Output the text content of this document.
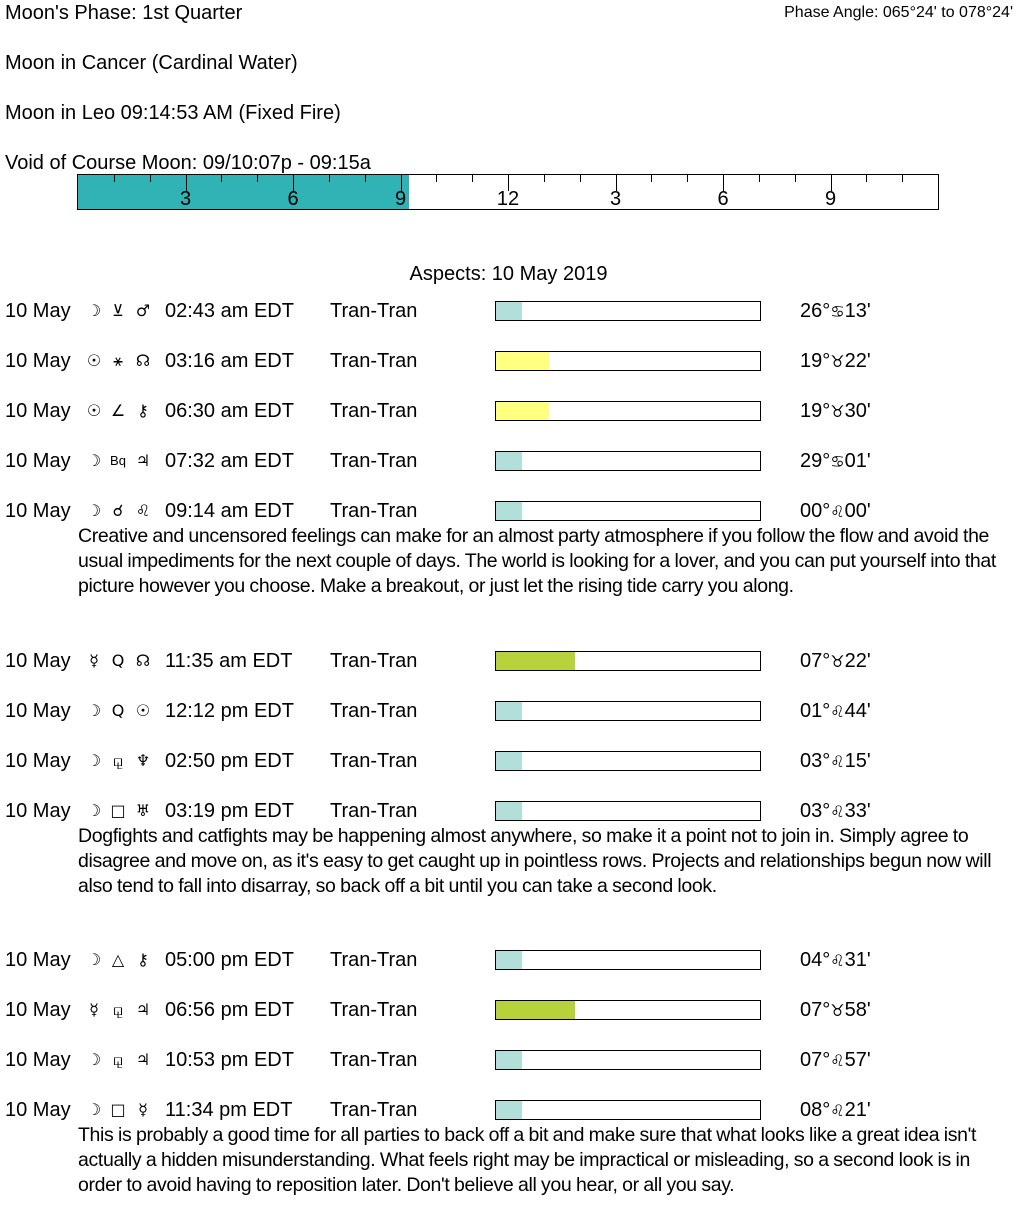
Moon's Phase: 1st Quarter	Phase Angle: 065°24' to 078°24'
Moon in Cancer (Cardinal Water)
Moon in Leo 09:14:53 AM (Fixed Fire)
Void of Course Moon: 09/10:07p - 09:15a
3	6	9	12	3	6	9
Aspects: 10 May 2019
10 May ☽ ⊻ ♂ 02:43 am EDT Tran-Tran	26°♋13'
10 May ☉ ⚹ ☊ 03:16 am EDT Tran-Tran	19°♉22'
10 May ☉ ∠ ⚷ 06:30 am EDT Tran-Tran	19°♉30'
10 May ☽ Bq ♃ 07:32 am EDT Tran-Tran	29°♋01'
10 May ☽ ☌ ♌ 09:14 am EDT Tran-Tran	00°♌00'
Creative and uncensored feelings can make for an almost party atmosphere if you follow the flow and avoid the usual impediments for the next couple of days. The world is looking for a lover, and you can put yourself into that picture however you choose. Make a breakout, or just let the rising tide carry you along.
10 May	☿ Q ☊ 11:35 am EDT Tran-Tran	07°♉22'
10 May ☽ Q ☉ 12:12 pm EDT Tran-Tran	01°♌44'
10 May ☽ ⚼ ♆ 02:50 pm EDT Tran-Tran	03°♌15'
10 May ☽ □ ♅ 03:19 pm EDT Tran-Tran	03°♌33'
Dogfights and catfights may be happening almost anywhere, so make it a point not to join in. Simply agree to disagree and move on, as it's easy to get caught up in pointless rows. Projects and relationships begun now will also tend to fall into disarray, so back off a bit until you can take a second look.
10 May ☽ △ ⚷ 05:00 pm EDT Tran-Tran	04°♌31'
10 May	☿ ⚼ ♃ 06:56 pm EDT Tran-Tran	07°♉58'
10 May ☽ ⚼ ♃ 10:53 pm EDT Tran-Tran	07°♌57'
10 May ☽ □ ☿ 11:34 pm EDT Tran-Tran	08°♌21'
This is probably a good time for all parties to back off a bit and make sure that what looks like a great idea isn't actually a hidden misunderstanding. What feels right may be impractical or misleading, so a second look is in order to avoid having to reposition later. Don't believe all you hear, or all you say.
